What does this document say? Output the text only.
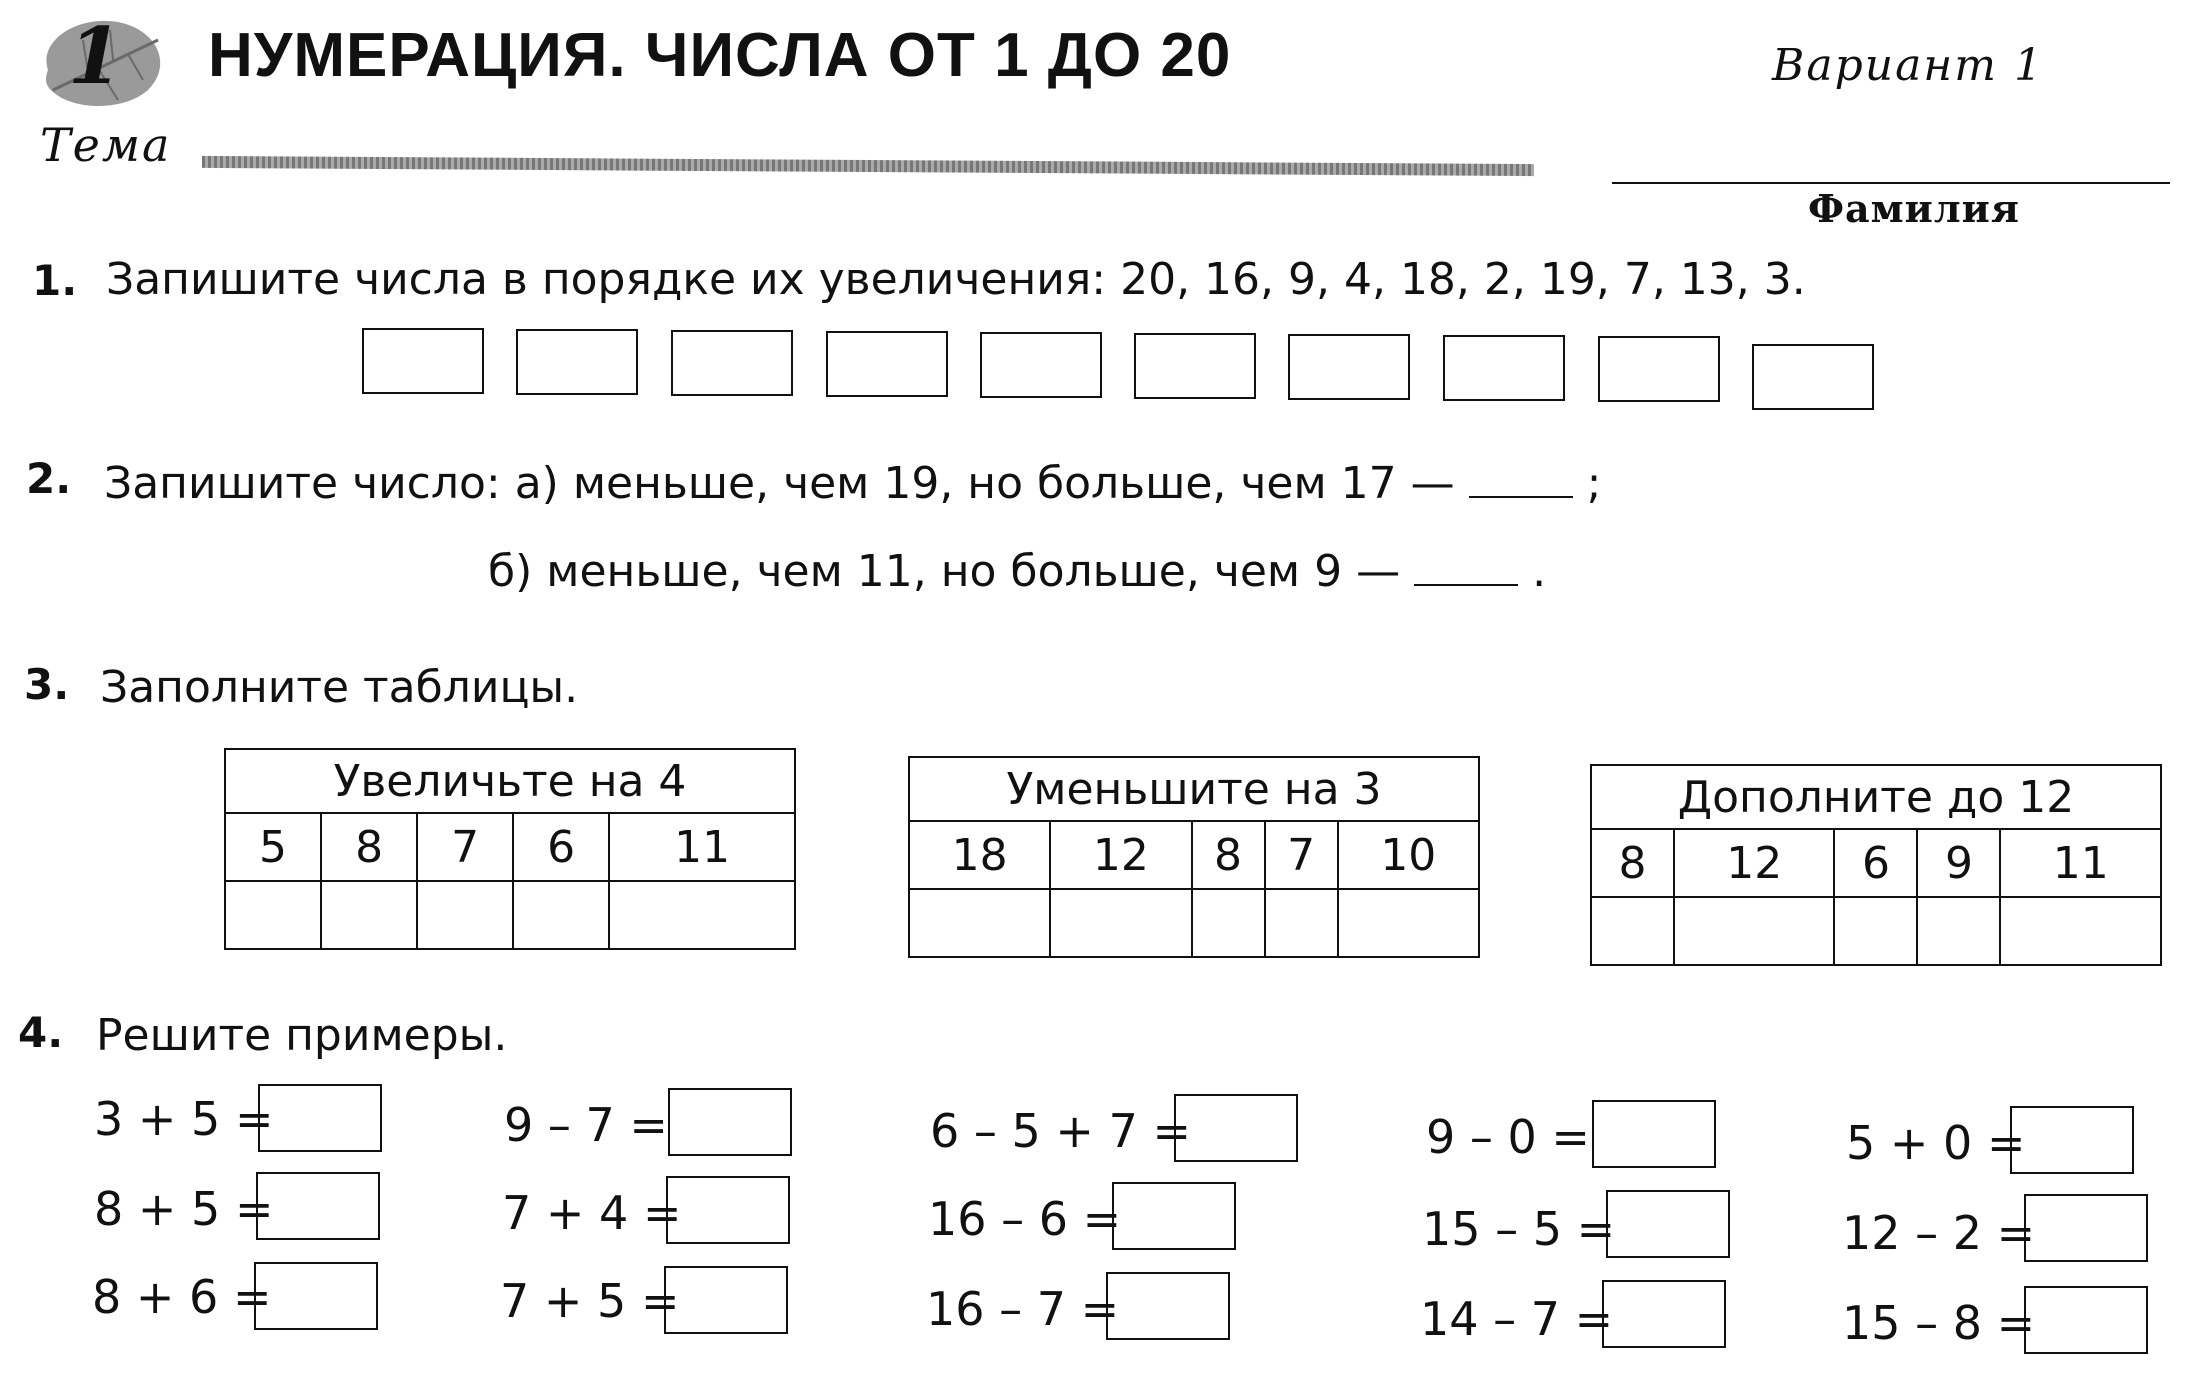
1
Тема
НУМЕРАЦИЯ. ЧИСЛА ОТ 1 ДО 20	Вариант 1
Фамилия
1. Запишите числа в порядке их увеличения: 20, 16, 9, 4, 18, 2, 19, 7, 13, 3.
2. Запишите число: а) меньше, чем 19, но больше, чем 17 —	;
б) меньше, чем 11, но больше, чем 9 —	.
3. Заполните таблицы.
Увеличьте на 4				
5	8	7	6	11

Уменьшите на 3				
18	12	8	7	10

Дополните до 12				
8	12	6	9	11

4. Решите примеры.
3 + 5 =
8 + 5 =
8 + 6 =
9 – 7 =
7 + 4 =
7 + 5 =
6 – 5 + 7 =
16 – 6 =
16 – 7 =
9 – 0 =
15 – 5 =
14 – 7 =
5 + 0 =
12 – 2 =
15 – 8 =
